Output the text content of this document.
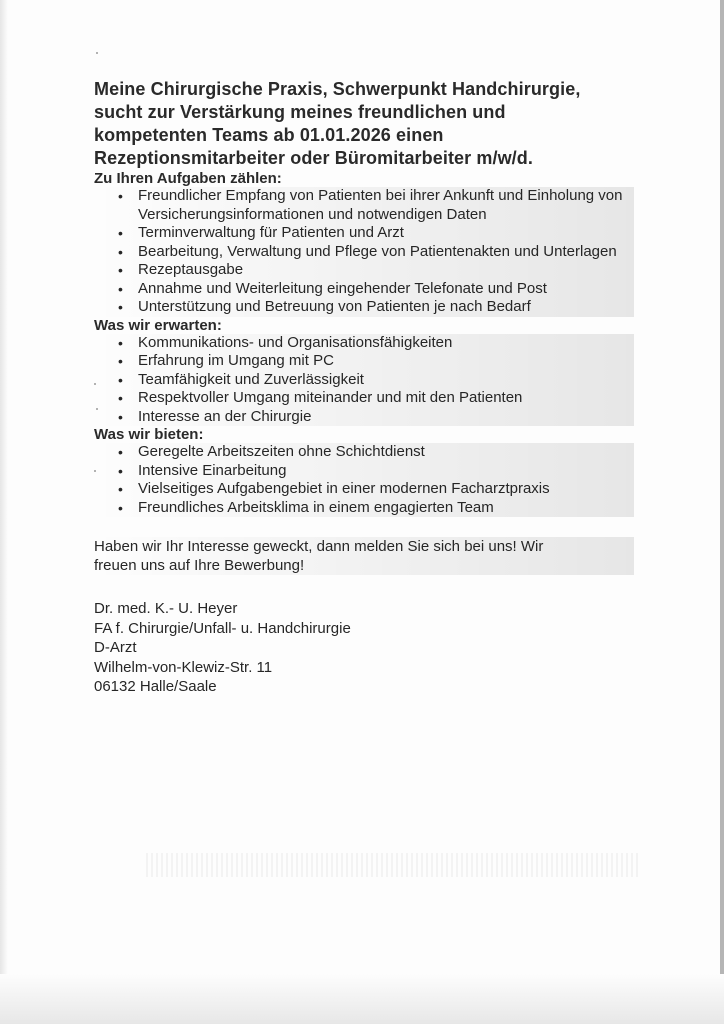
Meine Chirurgische Praxis, Schwerpunkt Handchirurgie,
sucht zur Verstärkung meines freundlichen und
kompetenten Teams ab 01.01.2026 einen
Rezeptionsmitarbeiter oder Büromitarbeiter m/w/d.
Zu Ihren Aufgaben zählen:
•	Freundlicher Empfang von Patienten bei ihrer Ankunft und Einholung von Versicherungsinformationen und notwendigen Daten
•	Terminverwaltung für Patienten und Arzt
•	Bearbeitung, Verwaltung und Pflege von Patientenakten und Unterlagen
•	Rezeptausgabe
•	Annahme und Weiterleitung eingehender Telefonate und Post
•	Unterstützung und Betreuung von Patienten je nach Bedarf
Was wir erwarten:
•	Kommunikations- und Organisationsfähigkeiten
•	Erfahrung im Umgang mit PC
•	Teamfähigkeit und Zuverlässigkeit
•	Respektvoller Umgang miteinander und mit den Patienten
•	Interesse an der Chirurgie
Was wir bieten:
•	Geregelte Arbeitszeiten ohne Schichtdienst
•	Intensive Einarbeitung
•	Vielseitiges Aufgabengebiet in einer modernen Facharztpraxis
•	Freundliches Arbeitsklima in einem engagierten Team

Haben wir Ihr Interesse geweckt, dann melden Sie sich bei uns! Wir
freuen uns auf Ihre Bewerbung!

Dr. med. K.- U. Heyer
FA f. Chirurgie/Unfall- u. Handchirurgie
D-Arzt
Wilhelm-von-Klewiz-Str. 11
06132 Halle/Saale
